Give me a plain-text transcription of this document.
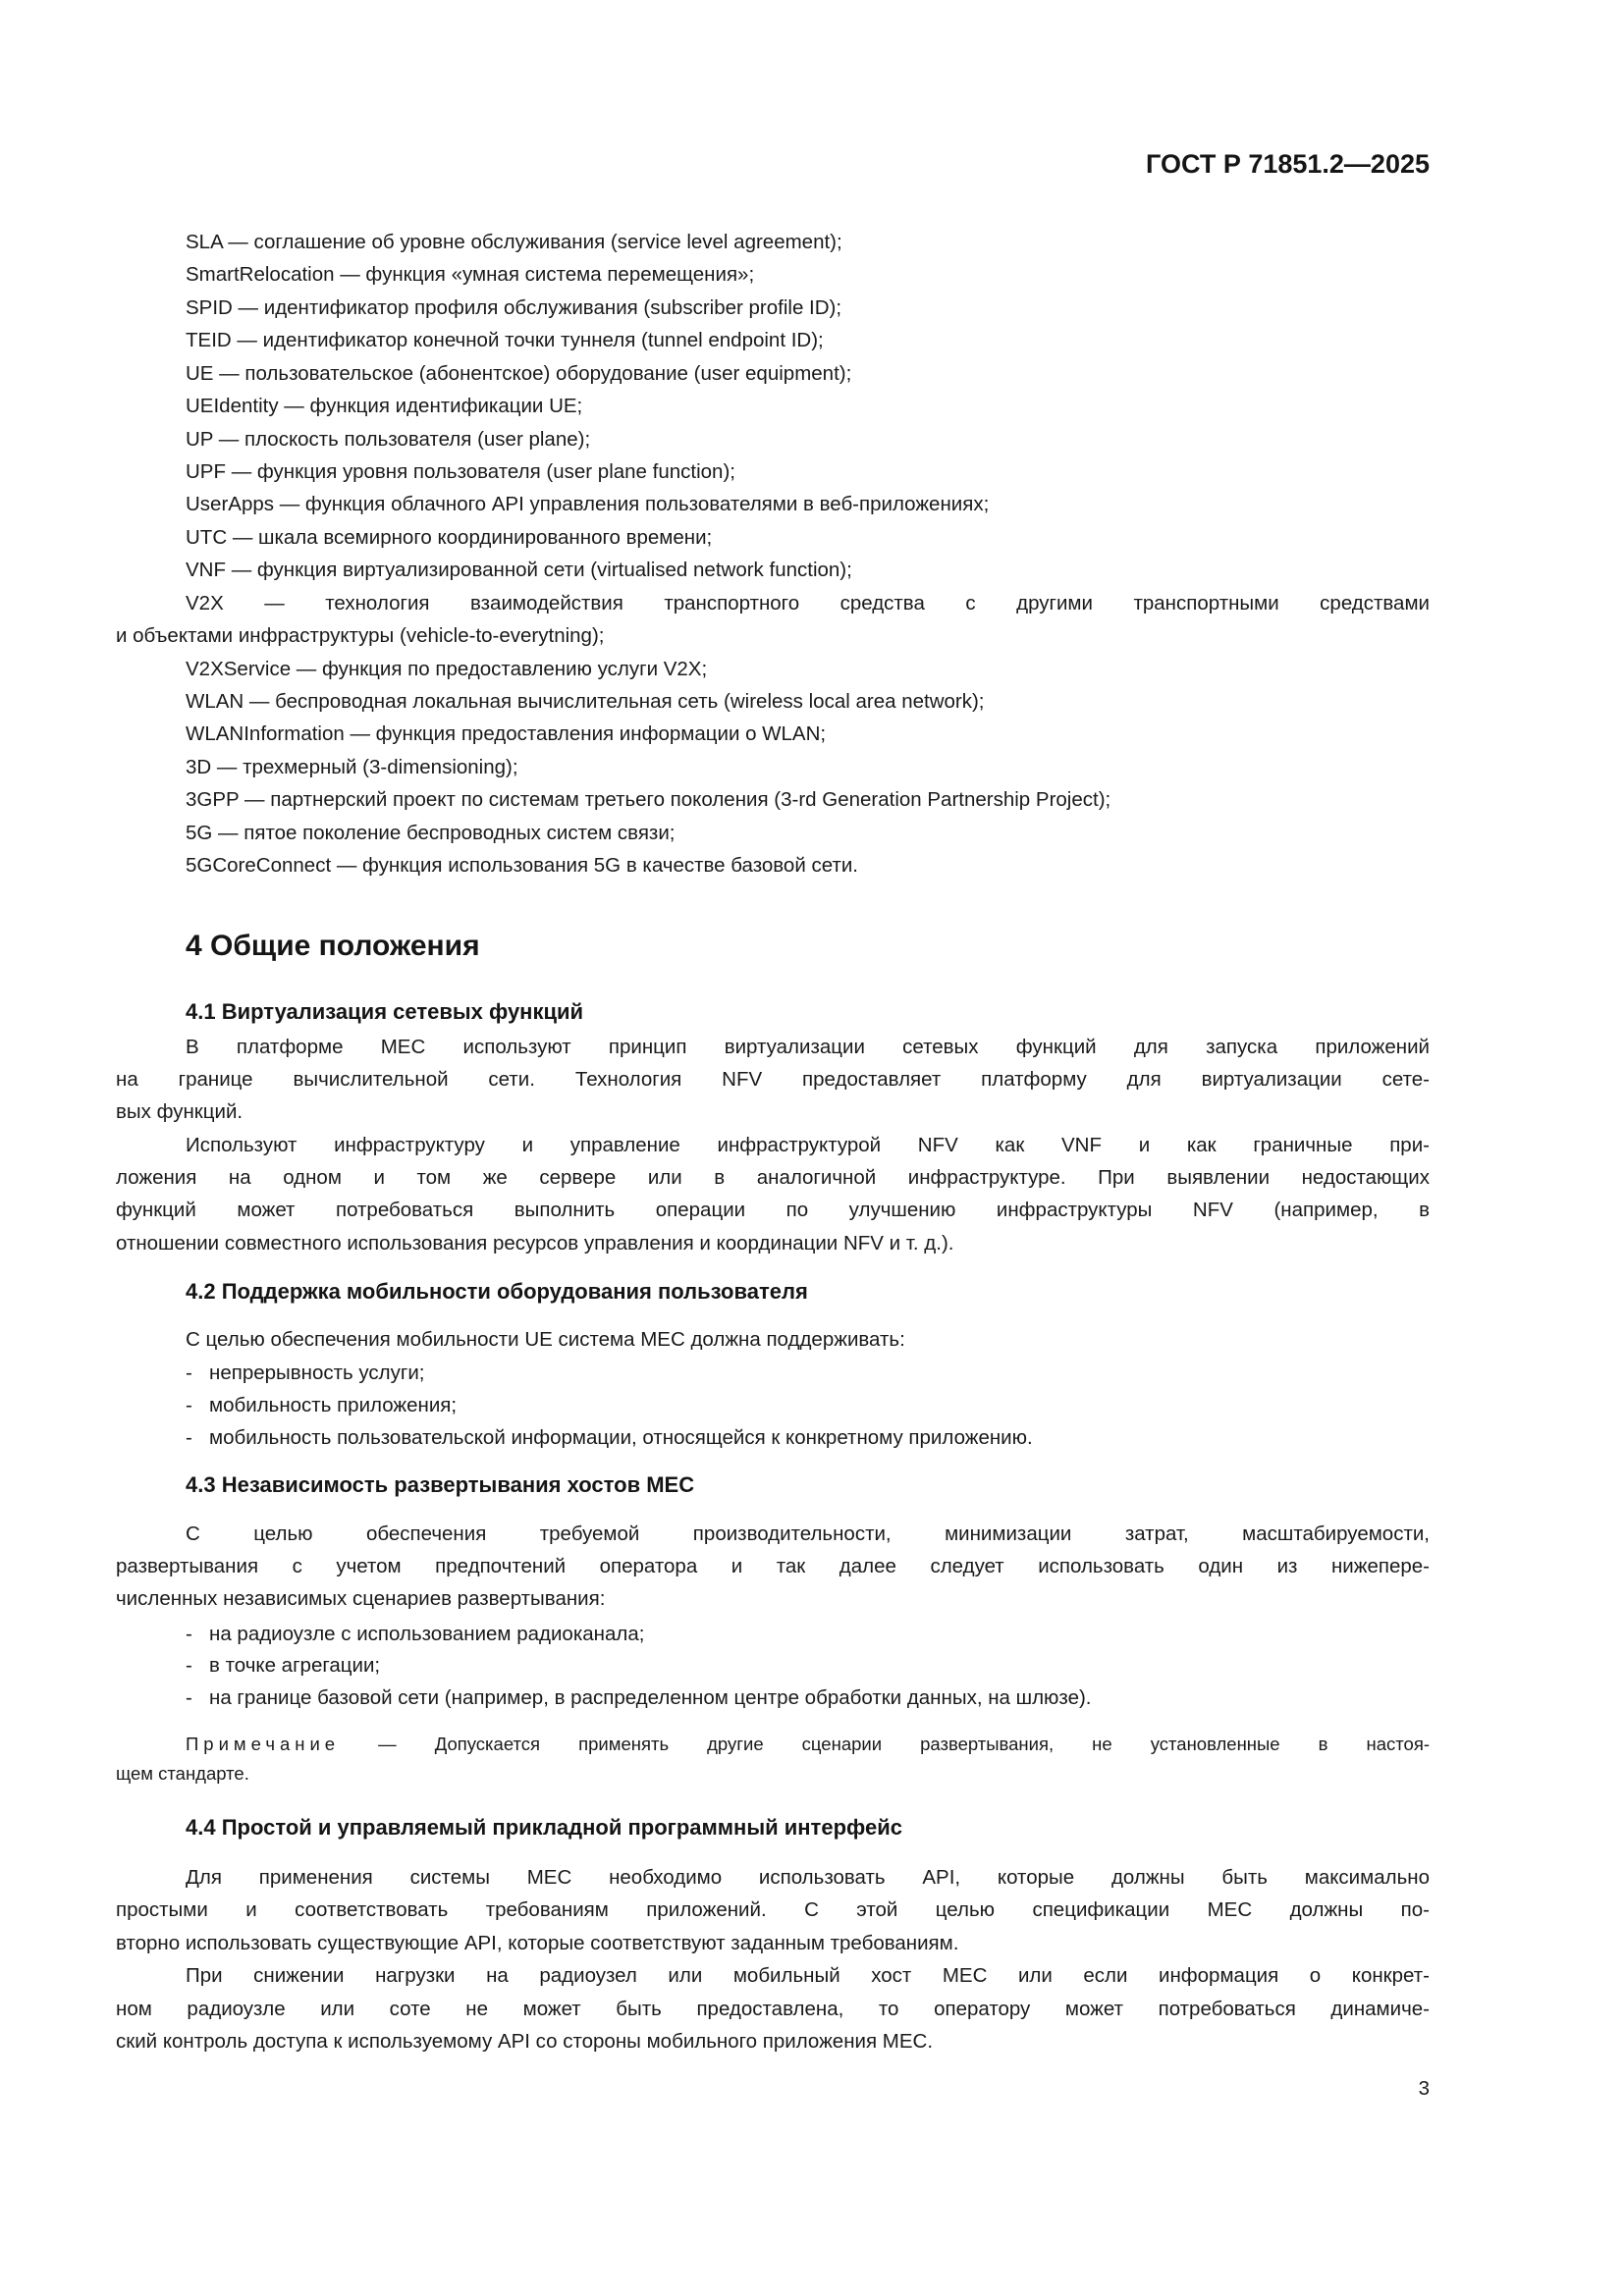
ГОСТ Р 71851.2—2025
SLA — соглашение об уровне обслуживания (service level agreement);
SmartRelocation — функция «умная система перемещения»;
SPID — идентификатор профиля обслуживания (subscriber profile ID);
TEID — идентификатор конечной точки туннеля (tunnel endpoint ID);
UE — пользовательское (абонентское) оборудование (user equipment);
UEIdentity — функция идентификации UE;
UP — плоскость пользователя (user plane);
UPF — функция уровня пользователя (user plane function);
UserApps — функция облачного API управления пользователями в веб-приложениях;
UTC — шкала всемирного координированного времени;
VNF — функция виртуализированной сети (virtualised network function);
V2X — технология взаимодействия транспортного средства с другими транспортными средствами
и объектами инфраструктуры (vehicle-to-everytning);
V2XService — функция по предоставлению услуги V2X;
WLAN — беспроводная локальная вычислительная сеть (wireless local area network);
WLANInformation — функция предоставления информации о WLAN;
3D — трехмерный (3-dimensioning);
3GPP — партнерский проект по системам третьего поколения (3-rd Generation Partnership Project);
5G — пятое поколение беспроводных систем связи;
5GCoreConnect — функция использования 5G в качестве базовой сети.
4 Общие положения
4.1 Виртуализация сетевых функций
В платформе МЕС используют принцип виртуализации сетевых функций для запуска приложений
на границе вычислительной сети. Технология NFV предоставляет платформу для виртуализации сете-
вых функций.
Используют инфраструктуру и управление инфраструктурой NFV как VNF и как граничные при-
ложения на одном и том же сервере или в аналогичной инфраструктуре. При выявлении недостающих
функций может потребоваться выполнить операции по улучшению инфраструктуры NFV (например, в
отношении совместного использования ресурсов управления и координации NFV и т. д.).
4.2 Поддержка мобильности оборудования пользователя
С целью обеспечения мобильности UE система МЕС должна поддерживать:
- непрерывность услуги;
- мобильность приложения;
- мобильность пользовательской информации, относящейся к конкретному приложению.
4.3 Независимость развертывания хостов МЕС
С целью обеспечения требуемой производительности, минимизации затрат, масштабируемости,
развертывания с учетом предпочтений оператора и так далее следует использовать один из нижепере-
численных независимых сценариев развертывания:
- на радиоузле с использованием радиоканала;
- в точке агрегации;
- на границе базовой сети (например, в распределенном центре обработки данных, на шлюзе).
Примечание — Допускается применять другие сценарии развертывания, не установленные в настоя-
щем стандарте.
4.4 Простой и управляемый прикладной программный интерфейс
Для применения системы МЕС необходимо использовать API, которые должны быть максимально
простыми и соответствовать требованиям приложений. С этой целью спецификации МЕС должны по-
вторно использовать существующие API, которые соответствуют заданным требованиям.
При снижении нагрузки на радиоузел или мобильный хост МЕС или если информация о конкрет-
ном радиоузле или соте не может быть предоставлена, то оператору может потребоваться динамиче-
ский контроль доступа к используемому API со стороны мобильного приложения МЕС.
3
